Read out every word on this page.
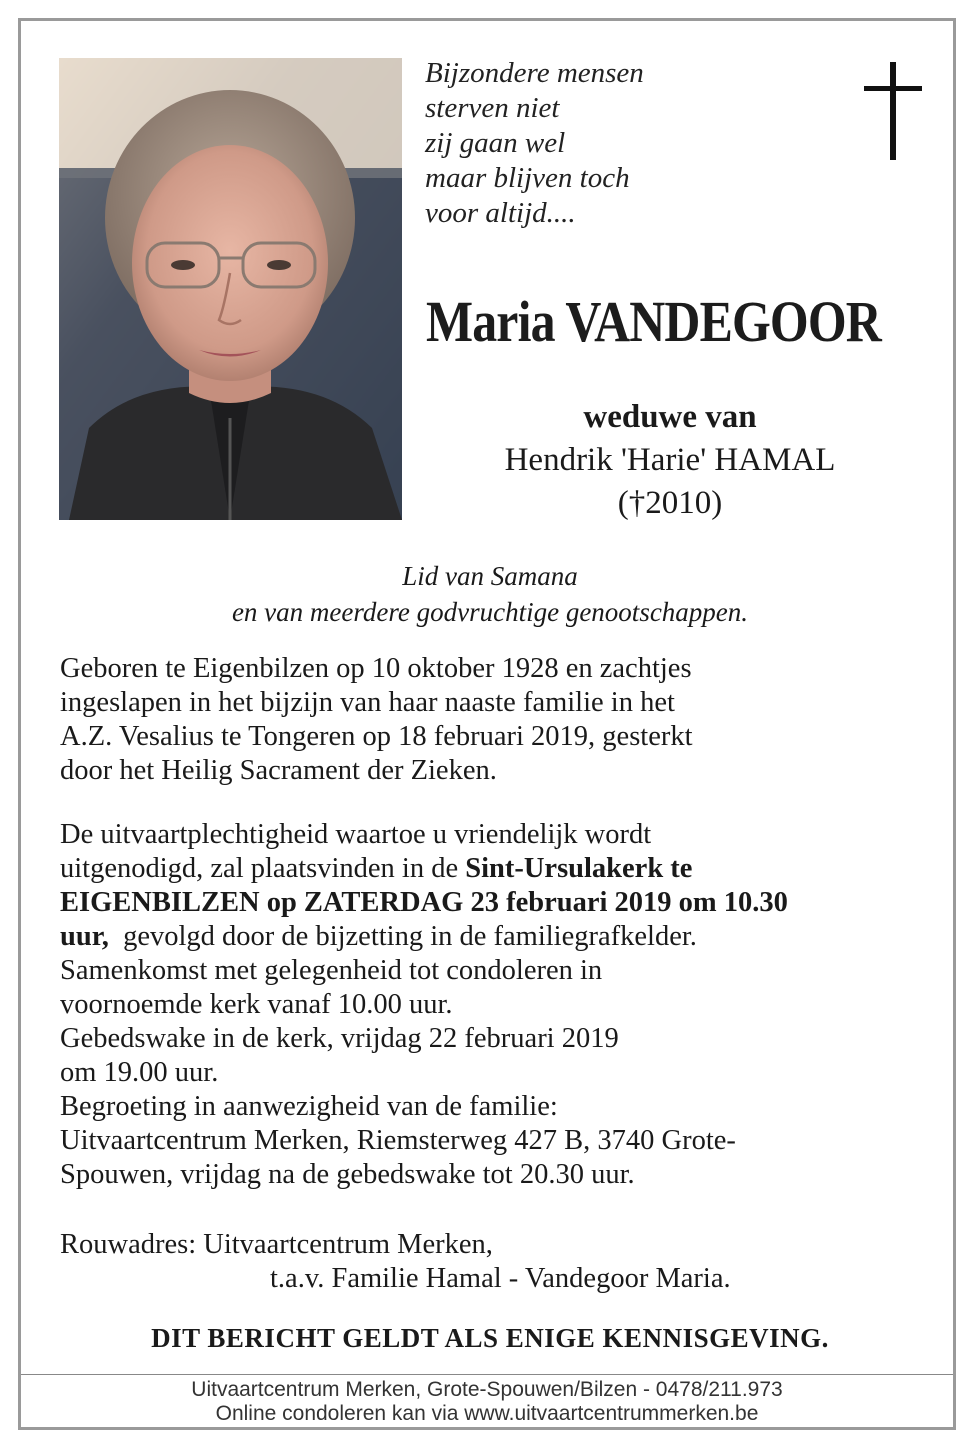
Bijzondere mensen
sterven niet
zij gaan wel
maar blijven toch
voor altijd....
Maria VANDEGOOR
weduwe van
Hendrik 'Harie' HAMAL
(†2010)
Lid van Samana
en van meerdere godvruchtige genootschappen.
Geboren te Eigenbilzen op 10 oktober 1928 en zachtjes
ingeslapen in het bijzijn van haar naaste familie in het
A.Z. Vesalius te Tongeren op 18 februari 2019, gesterkt
door het Heilig Sacrament der Zieken.
De uitvaartplechtigheid waartoe u vriendelijk wordt
uitgenodigd, zal plaatsvinden in de Sint-Ursulakerk te
EIGENBILZEN op ZATERDAG 23 februari 2019 om 10.30
uur,  gevolgd door de bijzetting in de familiegrafkelder.
Samenkomst met gelegenheid tot condoleren in
voornoemde kerk vanaf 10.00 uur.
Gebedswake in de kerk, vrijdag 22 februari 2019
om 19.00 uur.
Begroeting in aanwezigheid van de familie:
Uitvaartcentrum Merken, Riemsterweg 427 B, 3740 Grote-
Spouwen, vrijdag na de gebedswake tot 20.30 uur.
Rouwadres: Uitvaartcentrum Merken,
t.a.v. Familie Hamal - Vandegoor Maria.
DIT BERICHT GELDT ALS ENIGE KENNISGEVING.
Uitvaartcentrum Merken, Grote-Spouwen/Bilzen - 0478/211.973
Online condoleren kan via www.uitvaartcentrummerken.be
